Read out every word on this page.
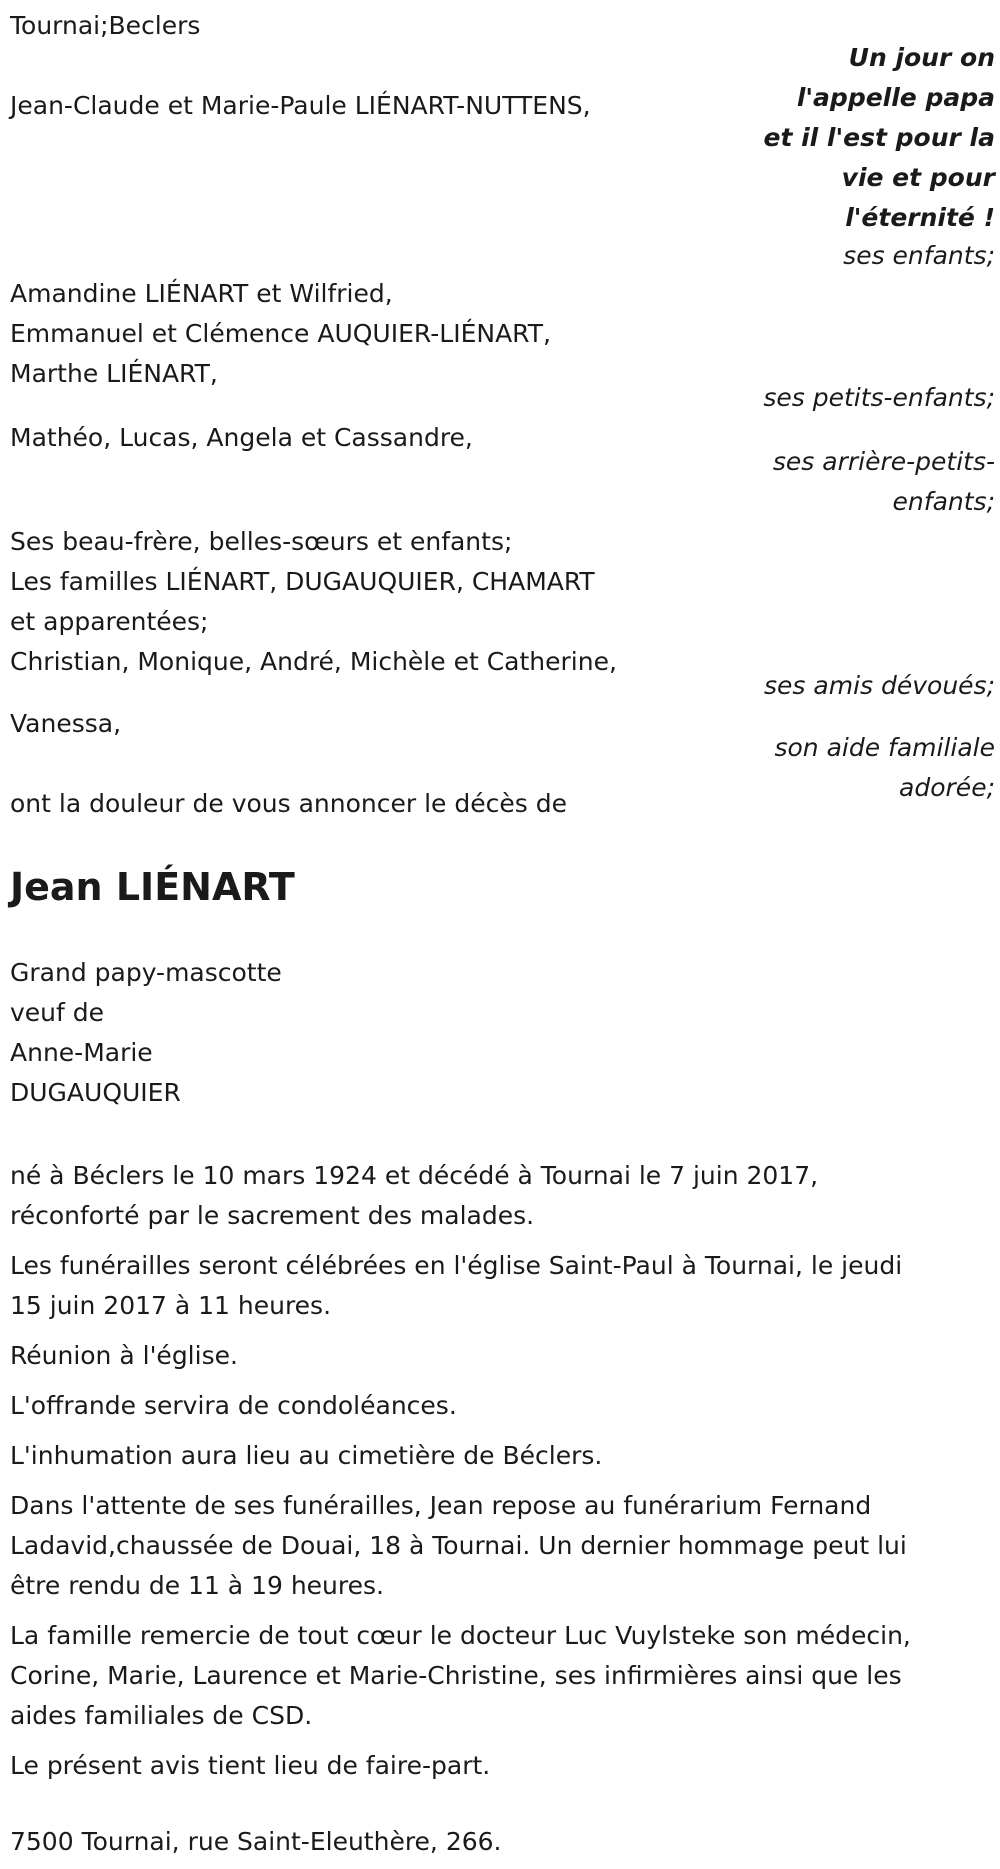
Tournai;Beclers
Un jour on
l'appelle papa
et il l'est pour la
vie et pour
l'éternité !
Jean-Claude et Marie-Paule LIÉNART-NUTTENS,
ses enfants;
Amandine LIÉNART et Wilfried,
Emmanuel et Clémence AUQUIER-LIÉNART,
Marthe LIÉNART,
ses petits-enfants;
Mathéo, Lucas, Angela et Cassandre,
ses arrière-petits-
enfants;
Ses beau-frère, belles-sœurs et enfants;
Les familles LIÉNART, DUGAUQUIER, CHAMART
et apparentées;
Christian, Monique, André, Michèle et Catherine,
ses amis dévoués;
Vanessa,
son aide familiale
adorée;
ont la douleur de vous annoncer le décès de
Jean LIÉNART
Grand papy-mascotte
veuf de
Anne-Marie
DUGAUQUIER
né à Béclers le 10 mars 1924 et décédé à Tournai le 7 juin 2017,
réconforté par le sacrement des malades.
Les funérailles seront célébrées en l'église Saint-Paul à Tournai, le jeudi
15 juin 2017 à 11 heures.
Réunion à l'église.
L'offrande servira de condoléances.
L'inhumation aura lieu au cimetière de Béclers.
Dans l'attente de ses funérailles, Jean repose au funérarium Fernand
Ladavid,chaussée de Douai, 18 à Tournai. Un dernier hommage peut lui
être rendu de 11 à 19 heures.
La famille remercie de tout cœur le docteur Luc Vuylsteke son médecin,
Corine, Marie, Laurence et Marie-Christine, ses infirmières ainsi que les
aides familiales de CSD.
Le présent avis tient lieu de faire-part.
7500 Tournai, rue Saint-Eleuthère, 266.
